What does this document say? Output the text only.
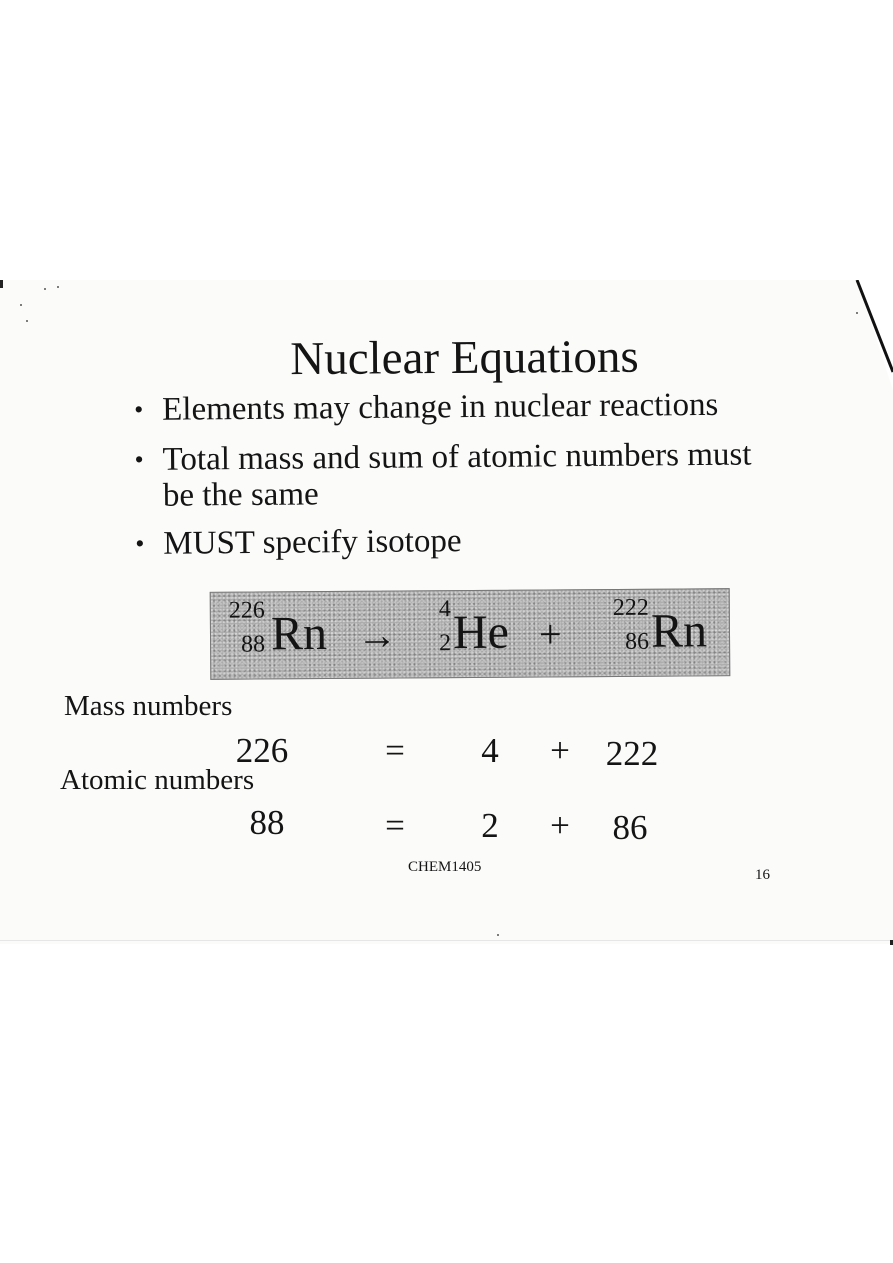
Nuclear Equations
• Elements may change in nuclear reactions
• Total mass and sum of atomic numbers must be the same
• MUST specify isotope
226
88 Rn →
4
2 He +
222
86 Rn
Mass numbers
226	=	4	+	222
Atomic numbers
88	=	2	+	86
CHEM1405	16
